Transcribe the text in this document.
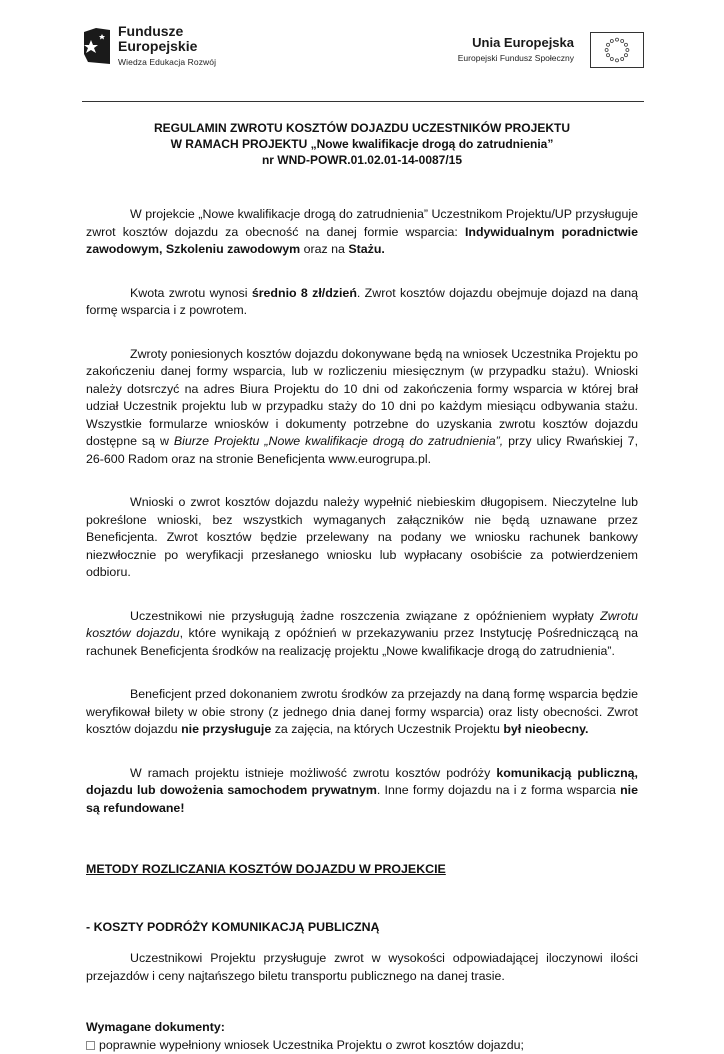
Fundusze
Europejskie
Wiedza Edukacja Rozwój
Unia Europejska
Europejski Fundusz Społeczny

REGULAMIN ZWROTU KOSZTÓW DOJAZDU UCZESTNIKÓW PROJEKTU

W RAMACH PROJEKTU „Nowe kwalifikacje drogą do zatrudnienia”

nr WND-POWR.01.02.01-14-0087/15

W projekcie „Nowe kwalifikacje drogą do zatrudnienia” Uczestnikom Projektu/UP przysługuje zwrot kosztów dojazdu za obecność na danej formie wsparcia: Indywidualnym poradnictwie zawodowym, Szkoleniu zawodowym oraz na Stażu.

Kwota zwrotu wynosi średnio 8 zł/dzień. Zwrot kosztów dojazdu obejmuje dojazd na daną formę wsparcia i z powrotem.

Zwroty poniesionych kosztów dojazdu dokonywane będą na wniosek Uczestnika Projektu po zakończeniu danej formy wsparcia, lub w rozliczeniu miesięcznym (w przypadku stażu). Wnioski należy dotsrczyć na adres Biura Projektu do 10 dni od zakończenia formy wsparcia w której brał udział Uczestnik projektu lub w przypadku staży do 10 dni po każdym miesiącu odbywania stażu. Wszystkie formularze wniosków i dokumenty potrzebne do uzyskania zwrotu kosztów dojazdu dostępne są w Biurze Projektu „Nowe kwalifikacje drogą do zatrudnienia”, przy ulicy Rwańskiej 7, 26-600 Radom oraz na stronie Beneficjenta www.eurogrupa.pl.

Wnioski o zwrot kosztów dojazdu należy wypełnić niebieskim długopisem. Nieczytelne lub pokreślone wnioski, bez wszystkich wymaganych załączników nie będą uznawane przez Beneficjenta. Zwrot kosztów będzie przelewany na podany we wniosku rachunek bankowy niezwłocznie po weryfikacji przesłanego wniosku lub wypłacany osobiście za potwierdzeniem odbioru.

Uczestnikowi nie przysługują żadne roszczenia związane z opóźnieniem wypłaty Zwrotu kosztów dojazdu, które wynikają z opóźnień w przekazywaniu przez Instytucję Pośredniczącą na rachunek Beneficjenta środków na realizację projektu „Nowe kwalifikacje drogą do zatrudnienia”.

Beneficjent przed dokonaniem zwrotu środków za przejazdy na daną formę wsparcia będzie weryfikował bilety w obie strony (z jednego dnia danej formy wsparcia) oraz listy obecności. Zwrot kosztów dojazdu nie przysługuje za zajęcia, na których Uczestnik Projektu był nieobecny.

W ramach projektu istnieje możliwość zwrotu kosztów podróży komunikacją publiczną, dojazdu lub dowożenia samochodem prywatnym. Inne formy dojazdu na i z forma wsparcia nie są refundowane!

METODY ROZLICZANIA KOSZTÓW DOJAZDU W PROJEKCIE

- KOSZTY PODRÓŻY KOMUNIKACJĄ PUBLICZNĄ

Uczestnikowi Projektu przysługuje zwrot w wysokości odpowiadającej iloczynowi ilości przejazdów i ceny najtańszego biletu transportu publicznego na danej trasie.

Wymagane dokumenty:

poprawnie wypełniony wniosek Uczestnika Projektu o zwrot kosztów dojazdu;
